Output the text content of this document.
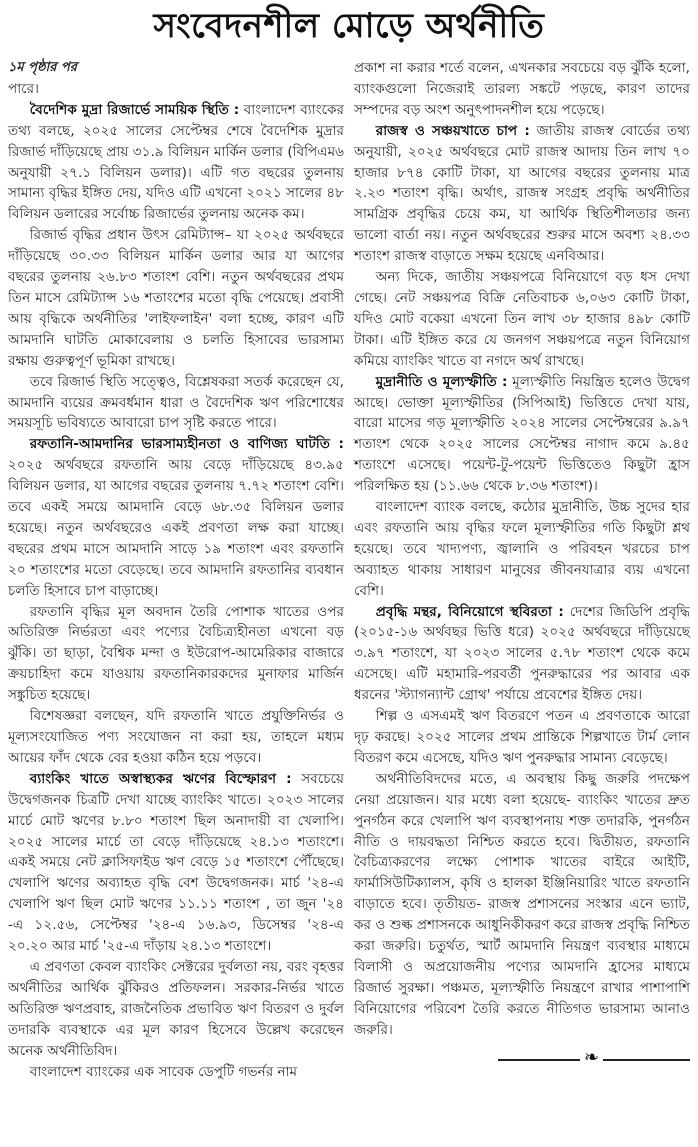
সংবেদনশীল মোড়ে অর্থনীতি
১ম পৃষ্ঠার পর

পারে।

বৈদেশিক মুদ্রা রিজার্ভে সাময়িক স্থিতি : বাংলাদেশ ব্যাংকের তথ্য বলছে, ২০২৫ সালের সেপ্টেম্বর শেষে বৈদেশিক মুদ্রার রিজার্ভ দাঁড়িয়েছে প্রায় ৩১.৯ বিলিয়ন মার্কিন ডলার (বিপিএম৬ অনুযায়ী ২৭.১ বিলিয়ন ডলার)। এটি গত বছরের তুলনায় সামান্য বৃদ্ধির ইঙ্গিত দেয়, যদিও এটি এখনো ২০২১ সালের ৪৮ বিলিয়ন ডলারের সর্বোচ্চ রিজার্ভের তুলনায় অনেক কম।

রিজার্ভ বৃদ্ধির প্রধান উৎস রেমিট্যান্স– যা ২০২৫ অর্থবছরে দাঁড়িয়েছে ৩০.৩৩ বিলিয়ন মার্কিন ডলার আর যা আগের বছরের তুলনায় ২৬.৮৩ শতাংশ বেশি। নতুন অর্থবছরের প্রথম তিন মাসে রেমিট্যান্স ১৬ শতাংশের মতো বৃদ্ধি পেয়েছে। প্রবাসী আয় বৃদ্ধিকে অর্থনীতির 'লাইফলাইন' বলা হচ্ছে, কারণ এটি আমদানি ঘাটতি মোকাবেলায় ও চলতি হিসাবের ভারসাম্য রক্ষায় গুরুত্বপূর্ণ ভূমিকা রাখছে।

তবে রিজার্ভ স্থিতি সত্ত্বেও, বিশ্লেষকরা সতর্ক করেছেন যে, আমদানি ব্যয়ের ক্রমবর্ধমান ধারা ও বৈদেশিক ঋণ পরিশোধের সময়সূচি ভবিষ্যতে আবারো চাপ সৃষ্টি করতে পারে।

রফতানি-আমদানির ভারসাম্যহীনতা ও বাণিজ্য ঘাটতি : ২০২৫ অর্থবছরে রফতানি আয় বেড়ে দাঁড়িয়েছে ৪৩.৯৫ বিলিয়ন ডলার, যা আগের বছরের তুলনায় ৭.৭২ শতাংশ বেশি। তবে একই সময়ে আমদানি বেড়ে ৬৮.৩৫ বিলিয়ন ডলার হয়েছে। নতুন অর্থবছরেও একই প্রবণতা লক্ষ করা যাচ্ছে। বছরের প্রথম মাসে আমদানি সাড়ে ১৯ শতাংশ এবং রফতানি ২০ শতাংশের মতো বেড়েছে। তবে আমদানি রফতানির ব্যবধান চলতি হিসাবে চাপ বাড়াচ্ছে।

রফতানি বৃদ্ধির মূল অবদান তৈরি পোশাক খাতের ওপর অতিরিক্ত নির্ভরতা এবং পণ্যের বৈচিত্র্যহীনতা এখনো বড় ঝুঁকি। তা ছাড়া, বৈশ্বিক মন্দা ও ইউরোপ-আমেরিকার বাজারে ক্রয়চাহিদা কমে যাওয়ায় রফতানিকারকদের মুনাফার মার্জিন সঙ্কুচিত হয়েছে।

বিশেষজ্ঞরা বলছেন, যদি রফতানি খাতে প্রযুক্তিনির্ভর ও মূল্যসংযোজিত পণ্য সংযোজন না করা হয়, তাহলে মধ্যম আয়ের ফাঁদ থেকে বের হওয়া কঠিন হয়ে পড়বে।

ব্যাংকিং খাতে অস্বাস্থ্যকর ঋণের বিস্ফোরণ : সবচেয়ে উদ্বেগজনক চিত্রটি দেখা যাচ্ছে ব্যাংকিং খাতে। ২০২৩ সালের মার্চে মোট ঋণের ৮.৮০ শতাংশ ছিল অনাদায়ী বা খেলাপি। ২০২৫ সালের মার্চে তা বেড়ে দাঁড়িয়েছে ২৪.১৩ শতাংশে। একই সময়ে নেট ক্লাসিফাইড ঋণ বেড়ে ১৫ শতাংশে পৌঁছেছে। খেলাপি ঋণের অব্যাহত বৃদ্ধি বেশ উদ্বেগজনক। মার্চ '২৪-এ খেলাপি ঋণ ছিল মোট ঋণের ১১.১১ শতাংশ , তা জুন '২৪ -এ ১২.৫৬, সেপ্টেম্বর '২৪-এ ১৬.৯৩, ডিসেম্বর '২৪-এ ২০.২০ আর মার্চ '২৫-এ দাঁড়ায় ২৪.১৩ শতাংশে।

এ প্রবণতা কেবল ব্যাংকিং সেক্টরের দুর্বলতা নয়, বরং বৃহত্তর অর্থনীতির আর্থিক ঝুঁকিরও প্রতিফলন। সরকার-নির্ভর খাতে অতিরিক্ত ঋণপ্রবাহ, রাজনৈতিক প্রভাবিত ঋণ বিতরণ ও দুর্বল তদারকি ব্যবস্থাকে এর মূল কারণ হিসেবে উল্লেখ করেছেন অনেক অর্থনীতিবিদ।

বাংলাদেশ ব্যাংকের এক সাবেক ডেপুটি গভর্নর নাম

প্রকাশ না করার শর্তে বলেন, এখনকার সবচেয়ে বড় ঝুঁকি হলো, ব্যাংকগুলো নিজেরাই তারল্য সঙ্কটে পড়ছে, কারণ তাদের সম্পদের বড় অংশ অনুৎপাদনশীল হয়ে পড়েছে।

রাজস্ব ও সঞ্চয়খাতে চাপ : জাতীয় রাজস্ব বোর্ডের তথ্য অনুযায়ী, ২০২৫ অর্থবছরে মোট রাজস্ব আদায় তিন লাখ ৭০ হাজার ৮৭৪ কোটি টাকা, যা আগের বছরের তুলনায় মাত্র ২.২৩ শতাংশ বৃদ্ধি। অর্থাৎ, রাজস্ব সংগ্রহ প্রবৃদ্ধি অর্থনীতির সামগ্রিক প্রবৃদ্ধির চেয়ে কম, যা আর্থিক স্থিতিশীলতার জন্য ভালো বার্তা নয়। নতুন অর্থবছরের শুরুর মাসে অবশ্য ২৪.৩৩ শতাংশ রাজস্ব বাড়াতে সক্ষম হয়েছে এনবিআর।

অন্য দিকে, জাতীয় সঞ্চয়পত্রে বিনিয়োগে বড় ধস দেখা গেছে। নেট সঞ্চয়পত্র বিক্রি নেতিবাচক ৬,০৬৩ কোটি টাকা, যদিও মোট বকেয়া এখনো তিন লাখ ৩৮ হাজার ৪৯৮ কোটি টাকা। এটি ইঙ্গিত করে যে জনগণ সঞ্চয়পত্রে নতুন বিনিয়োগ কমিয়ে ব্যাংকিং খাতে বা নগদে অর্থ রাখছে।

মুদ্রানীতি ও মূল্যস্ফীতি : মূল্যস্ফীতি নিয়ন্ত্রিত হলেও উদ্বেগ আছে। ভোক্তা মূল্যস্ফীতির (সিপিআই) ভিত্তিতে দেখা যায়, বারো মাসের গড় মূল্যস্ফীতি ২০২৪ সালের সেপ্টেম্বরের ৯.৯৭ শতাংশ থেকে ২০২৫ সালের সেপ্টেম্বর নাগাদ কমে ৯.৪৫ শতাংশে এসেছে। পয়েন্ট-টু-পয়েন্ট ভিত্তিতেও কিছুটা হ্রাস পরিলক্ষিত হয় (১১.৬৬ থেকে ৮.৩৬ শতাংশ)।

বাংলাদেশ ব্যাংক বলছে, কঠোর মুদ্রানীতি, উচ্চ সুদের হার এবং রফতানি আয় বৃদ্ধির ফলে মূল্যস্ফীতির গতি কিছুটা শ্লথ হয়েছে। তবে খাদ্যপণ্য, জ্বালানি ও পরিবহন খরচের চাপ অব্যাহত থাকায় সাধারণ মানুষের জীবনযাত্রার ব্যয় এখনো বেশি।

প্রবৃদ্ধি মন্থর, বিনিয়োগে স্থবিরতা : দেশের জিডিপি প্রবৃদ্ধি (২০১৫-১৬ অর্থবছর ভিত্তি ধরে) ২০২৫ অর্থবছরে দাঁড়িয়েছে ৩.৯৭ শতাংশে, যা ২০২৩ সালের ৫.৭৮ শতাংশ থেকে কমে এসেছে। এটি মহামারি-পরবর্তী পুনরুদ্ধারের পর আবার এক ধরনের 'স্ট্যাগন্যান্ট গ্রোথ' পর্যায়ে প্রবেশের ইঙ্গিত দেয়।

শিল্প ও এসএমই ঋণ বিতরণে পতন এ প্রবণতাকে আরো দৃঢ় করছে। ২০২৫ সালের প্রথম প্রান্তিকে শিল্পখাতে টার্ম লোন বিতরণ কমে এসেছে, যদিও ঋণ পুনরুদ্ধার সামান্য বেড়েছে।

অর্থনীতিবিদদের মতে, এ অবস্থায় কিছু জরুরি পদক্ষেপ নেয়া প্রয়োজন। যার মধ্যে বলা হয়েছে- ব্যাংকিং খাতের দ্রুত পুনর্গঠন করে খেলাপি ঋণ ব্যবস্থাপনায় শক্ত তদারকি, পুনর্গঠন নীতি ও দায়বদ্ধতা নিশ্চিত করতে হবে। দ্বিতীয়ত, রফতানি বৈচিত্র্যকরণের লক্ষ্যে পোশাক খাতের বাইরে আইটি, ফার্মাসিউটিক্যালস, কৃষি ও হালকা ইঞ্জিনিয়ারিং খাতে রফতানি বাড়াতে হবে। তৃতীয়ত- রাজস্ব প্রশাসনের সংস্কার এনে ভ্যাট, কর ও শুল্ক প্রশাসনকে আধুনিকীকরণ করে রাজস্ব প্রবৃদ্ধি নিশ্চিত করা জরুরি। চতুর্থত, স্মার্ট আমদানি নিয়ন্ত্রণ ব্যবস্থার মাধ্যমে বিলাসী ও অপ্রয়োজনীয় পণ্যের আমদানি হ্রাসের মাধ্যমে রিজার্ভ সুরক্ষা। পঞ্চমত, মূল্যস্ফীতি নিয়ন্ত্রণে রাখার পাশাপাশি বিনিয়োগের পরিবেশ তৈরি করতে নীতিগত ভারসাম্য আনাও জরুরি।

❧
